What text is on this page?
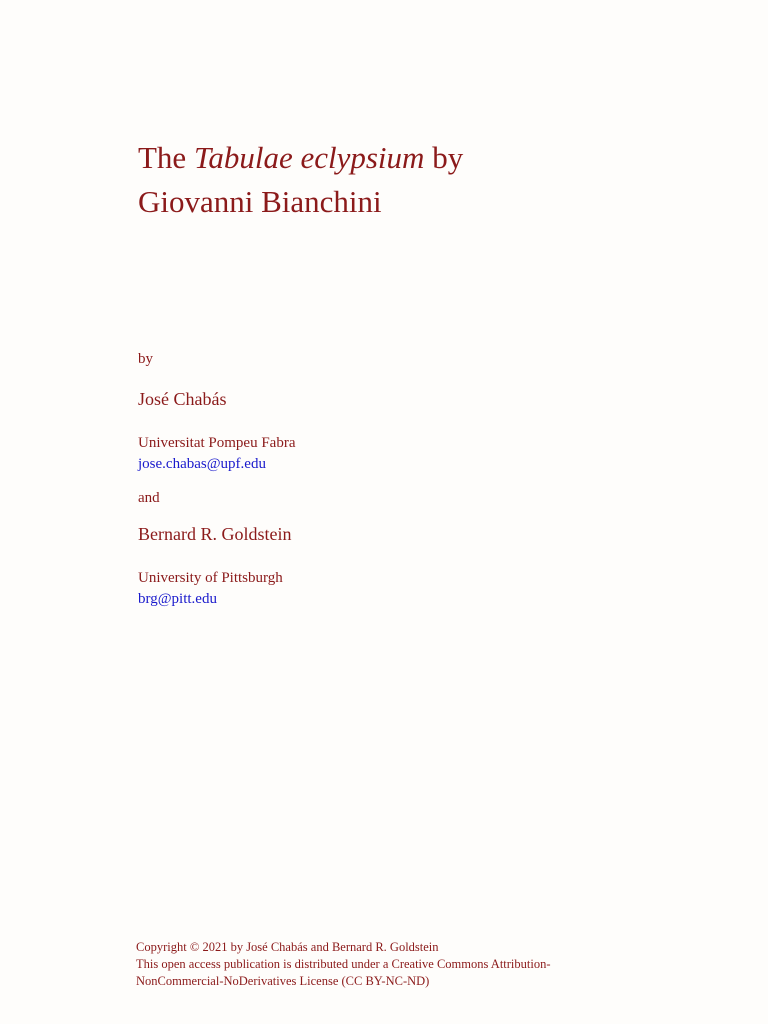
The Tabulae eclypsium by
Giovanni Bianchini
by
José Chabás
Universitat Pompeu Fabra
jose.chabas@upf.edu
and
Bernard R. Goldstein
University of Pittsburgh
brg@pitt.edu
Copyright © 2021 by José Chabás and Bernard R. Goldstein
This open access publication is distributed under a Creative Commons Attribution-
NonCommercial-NoDerivatives License (CC BY-NC-ND)
